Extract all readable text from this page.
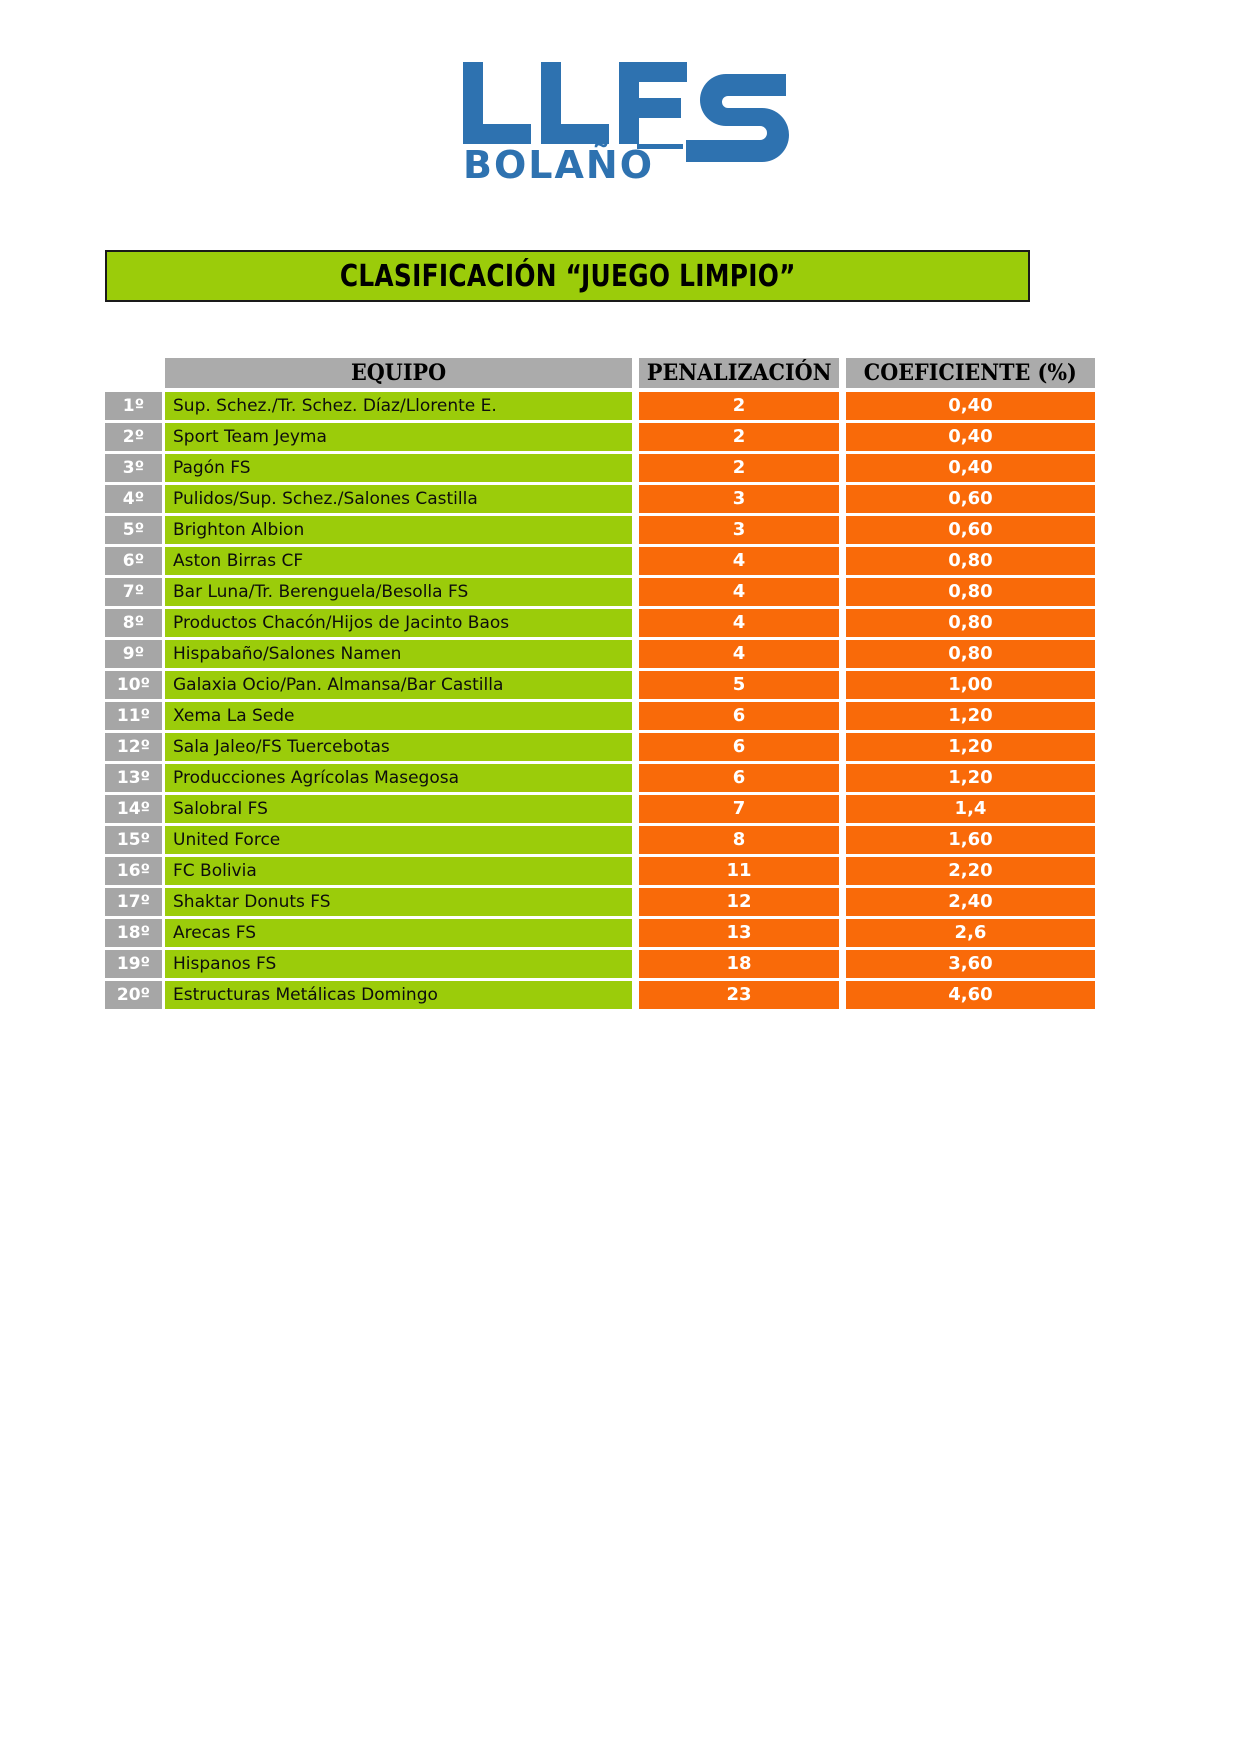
BOLAÑO
CLASIFICACIÓN “JUEGO LIMPIO”
EQUIPO	PENALIZACIÓN COEFICIENTE (%)
1º Sup. Schez./Tr. Schez. Díaz/Llorente E.	2	0,40
2º Sport Team Jeyma	2	0,40
3º Pagón FS	2	0,40
4º Pulidos/Sup. Schez./Salones Castilla	3	0,60
5º Brighton Albion	3	0,60
6º Aston Birras CF	4	0,80
7º Bar Luna/Tr. Berenguela/Besolla FS	4	0,80
8º Productos Chacón/Hijos de Jacinto Baos	4	0,80
9º Hispabaño/Salones Namen	4	0,80
10º Galaxia Ocio/Pan. Almansa/Bar Castilla	5	1,00
11º Xema La Sede	6	1,20
12º Sala Jaleo/FS Tuercebotas	6	1,20
13º Producciones Agrícolas Masegosa	6	1,20
14º Salobral FS	7	1,4
15º United Force	8	1,60
16º FC Bolivia	11	2,20
17º Shaktar Donuts FS	12	2,40
18º Arecas FS	13	2,6
19º Hispanos FS	18	3,60
20º Estructuras Metálicas Domingo	23	4,60
